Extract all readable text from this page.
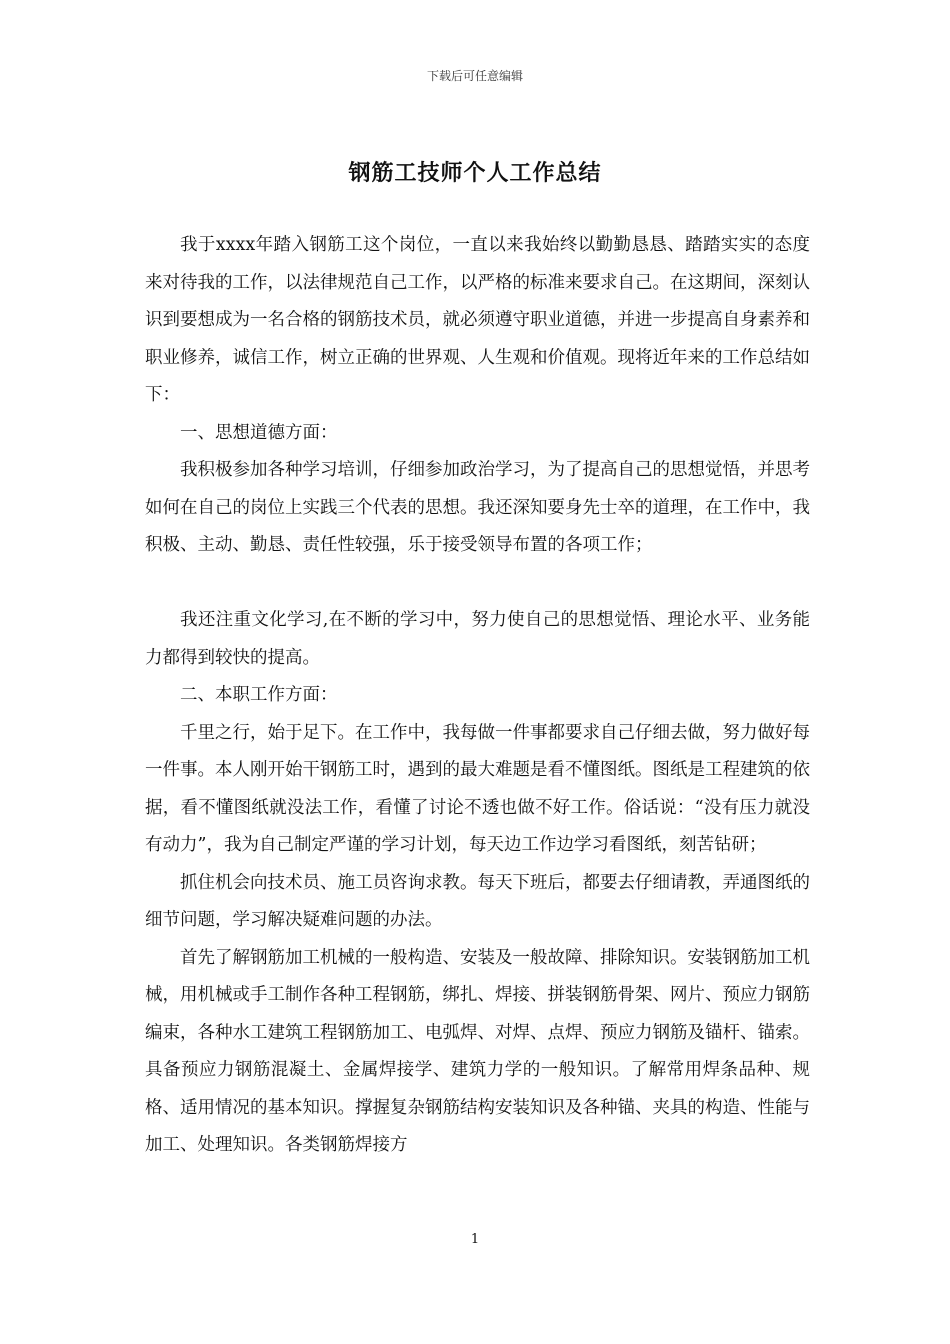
下载后可任意编辑
钢筋工技师个人工作总结

我于xxxx年踏入钢筋工这个岗位，一直以来我始终以勤勤恳恳、踏踏实实的态度来对待我的工作，以法律规范自己工作，以严格的标准来要求自己。在这期间，深刻认识到要想成为一名合格的钢筋技术员，就必须遵守职业道德，并进一步提高自身素养和职业修养，诚信工作，树立正确的世界观、人生观和价值观。现将近年来的工作总结如下：

一、思想道德方面：

我积极参加各种学习培训，仔细参加政治学习，为了提高自己的思想觉悟，并思考如何在自己的岗位上实践三个代表的思想。我还深知要身先士卒的道理，在工作中，我积极、主动、勤恳、责任性较强，乐于接受领导布置的各项工作；

我还注重文化学习,在不断的学习中，努力使自己的思想觉悟、理论水平、业务能力都得到较快的提高。

二、本职工作方面：

千里之行，始于足下。在工作中，我每做一件事都要求自己仔细去做，努力做好每一件事。本人刚开始干钢筋工时，遇到的最大难题是看不懂图纸。图纸是工程建筑的依据，看不懂图纸就没法工作，看懂了讨论不透也做不好工作。俗话说：“没有压力就没有动力”，我为自己制定严谨的学习计划，每天边工作边学习看图纸，刻苦钻研；

抓住机会向技术员、施工员咨询求教。每天下班后，都要去仔细请教，弄通图纸的细节问题，学习解决疑难问题的办法。

首先了解钢筋加工机械的一般构造、安装及一般故障、排除知识。安装钢筋加工机械，用机械或手工制作各种工程钢筋，绑扎、焊接、拼装钢筋骨架、网片、预应力钢筋编束，各种水工建筑工程钢筋加工、电弧焊、对焊、点焊、预应力钢筋及锚杆、锚索。具备预应力钢筋混凝土、金属焊接学、建筑力学的一般知识。了解常用焊条品种、规格、适用情况的基本知识。撑握复杂钢筋结构安装知识及各种锚、夹具的构造、性能与加工、处理知识。各类钢筋焊接方

1
